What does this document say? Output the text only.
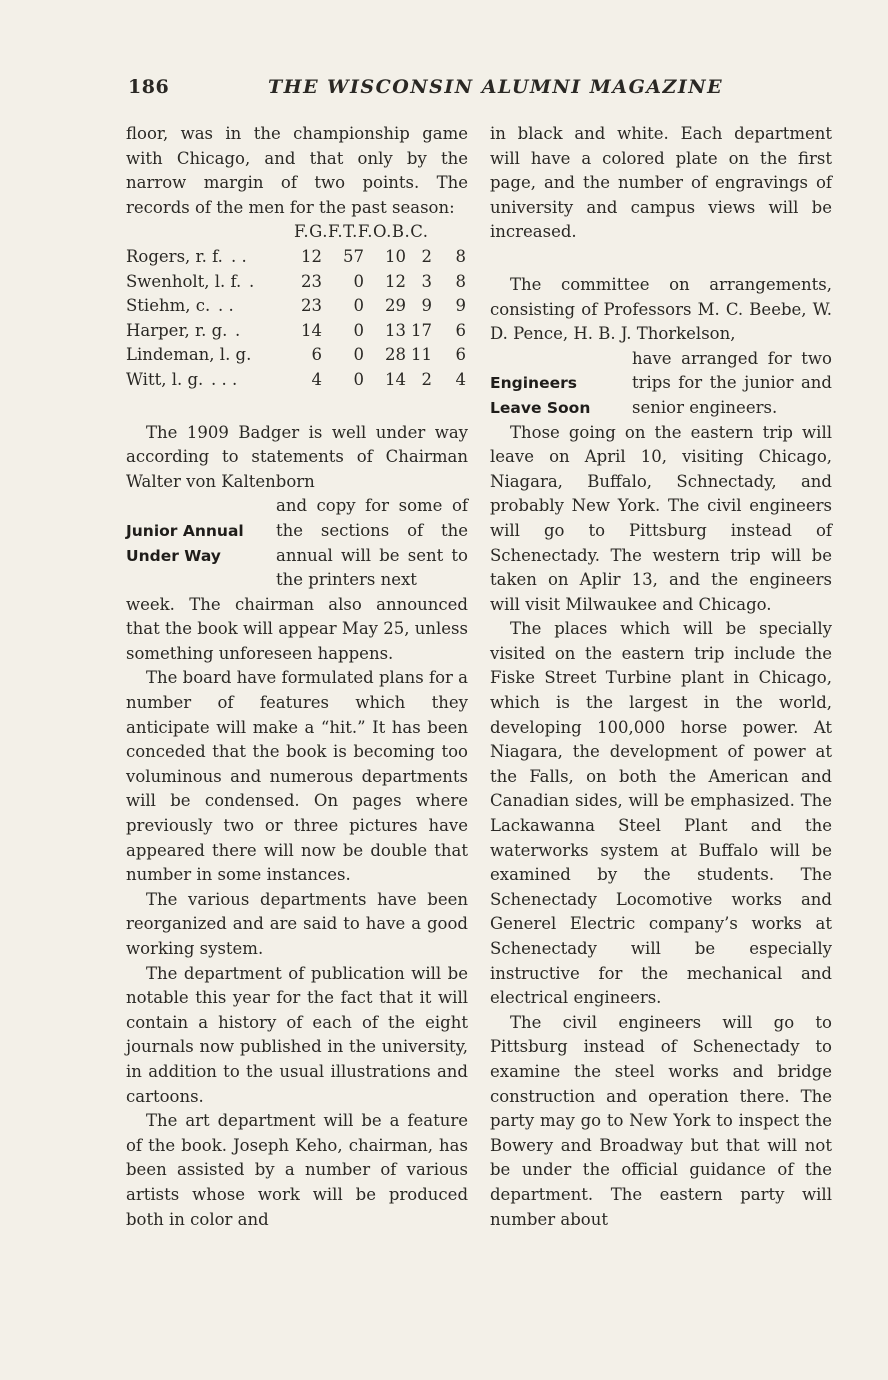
186	THE WISCONSIN ALUMNI MAGAZINE

floor, was in the championship game with Chicago, and that only by the narrow margin of two points. The records of the men for the past season:

F.G.F.T.F.O.B.C.
Rogers, r. f. . .	12	57	10 2	8
Swenholt, l. f. .	23	0	12 3	8
Stiehm, c. . .	23	0	29 9	9
Harper, r. g. .	14	0	13 17	6
Lindeman, l. g.	6	0	28 11	6
Witt, l. g. . . .	4	0	14 2	4

The 1909 Badger is well under way according to statements of Chairman Walter von Kaltenborn

Junior Annual
Under Way

and copy for some of the sections of the annual will be sent to the printers next

week. The chairman also announced that the book will appear May 25, unless something unforeseen happens.

The board have formulated plans for a number of features which they anticipate will make a “hit.” It has been conceded that the book is becoming too voluminous and numerous departments will be condensed. On pages where previously two or three pictures have appeared there will now be double that number in some instances.

The various departments have been reorganized and are said to have a good working system.

The department of publication will be notable this year for the fact that it will contain a history of each of the eight journals now published in the university, in addition to the usual illustrations and cartoons.

The art department will be a feature of the book. Joseph Keho, chairman, has been assisted by a number of various artists whose work will be produced both in color and

in black and white. Each department will have a colored plate on the first page, and the number of engravings of university and campus views will be increased.

The committee on arrangements, consisting of Professors M. C. Beebe, W. D. Pence, H. B. J. Thorkelson,

Engineers
Leave Soon

have arranged for two trips for the junior and senior engineers.

Those going on the eastern trip will leave on April 10, visiting Chicago, Niagara, Buffalo, Schnectady, and probably New York. The civil engineers will go to Pittsburg instead of Schenectady. The western trip will be taken on Aplir 13, and the engineers will visit Milwaukee and Chicago.

The places which will be specially visited on the eastern trip include the Fiske Street Turbine plant in Chicago, which is the largest in the world, developing 100,000 horse power. At Niagara, the development of power at the Falls, on both the American and Canadian sides, will be emphasized. The Lackawanna Steel Plant and the waterworks system at Buffalo will be examined by the students. The Schenectady Locomotive works and Generel Electric company’s works at Schenectady will be especially instructive for the mechanical and electrical engineers.

The civil engineers will go to Pittsburg instead of Schenectady to examine the steel works and bridge construction and operation there. The party may go to New York to inspect the Bowery and Broadway but that will not be under the official guidance of the department. The eastern party will number about
